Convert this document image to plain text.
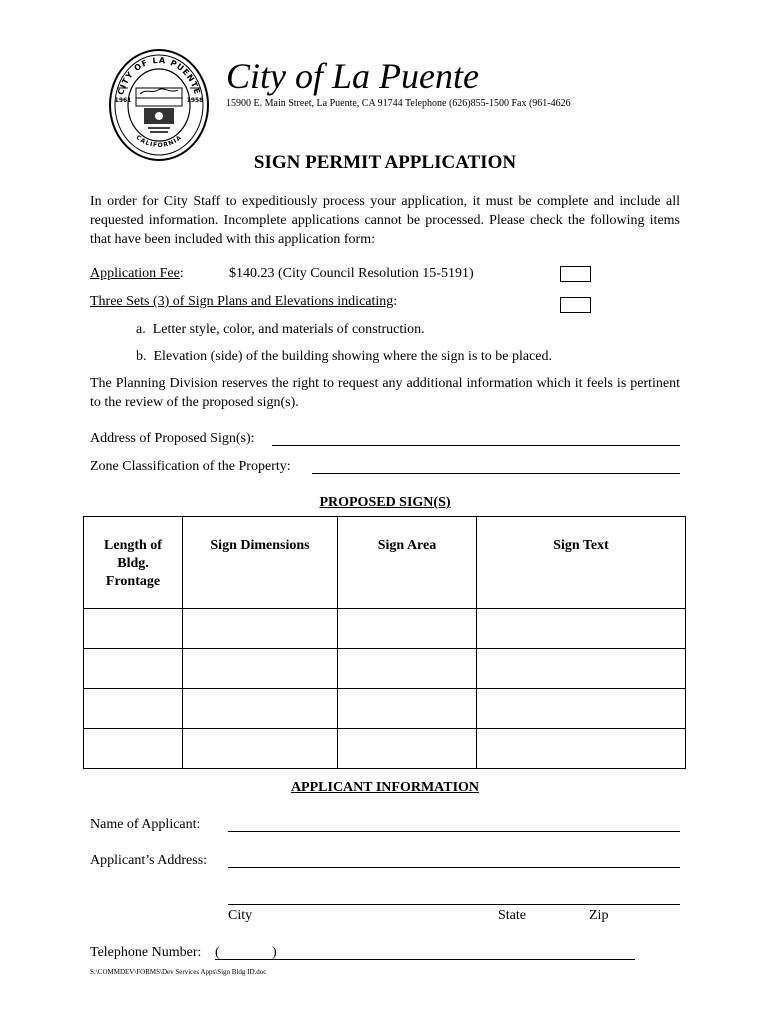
1961	1958
CITY OF LA PUENTE
CALIFORNIA
City of La Puente
15900 E. Main Street, La Puente, CA 91744 Telephone (626)855-1500 Fax (961-4626
SIGN PERMIT APPLICATION
In order for City Staff to expeditiously process your application, it must be complete and include all requested information. Incomplete applications cannot be processed. Please check the following items that have been included with this application form:
Application Fee:	$140.23 (City Council Resolution 15-5191)
Three Sets (3) of Sign Plans and Elevations indicating:
a.  Letter style, color, and materials of construction.
b.  Elevation (side) of the building showing where the sign is to be placed.
The Planning Division reserves the right to request any additional information which it feels is pertinent to the review of the proposed sign(s).
Address of Proposed Sign(s):
Zone Classification of the Property:
PROPOSED SIGN(S)
Length of
Bldg.
Frontage	Sign Dimensions	Sign Area	Sign Text

APPLICANT INFORMATION
Name of Applicant:
Applicant’s Address:
City	State	Zip
Telephone Number: (	)
S:\COMMDEV\FORMS\Dev Services Apps\Sign Bldg ID.doc
